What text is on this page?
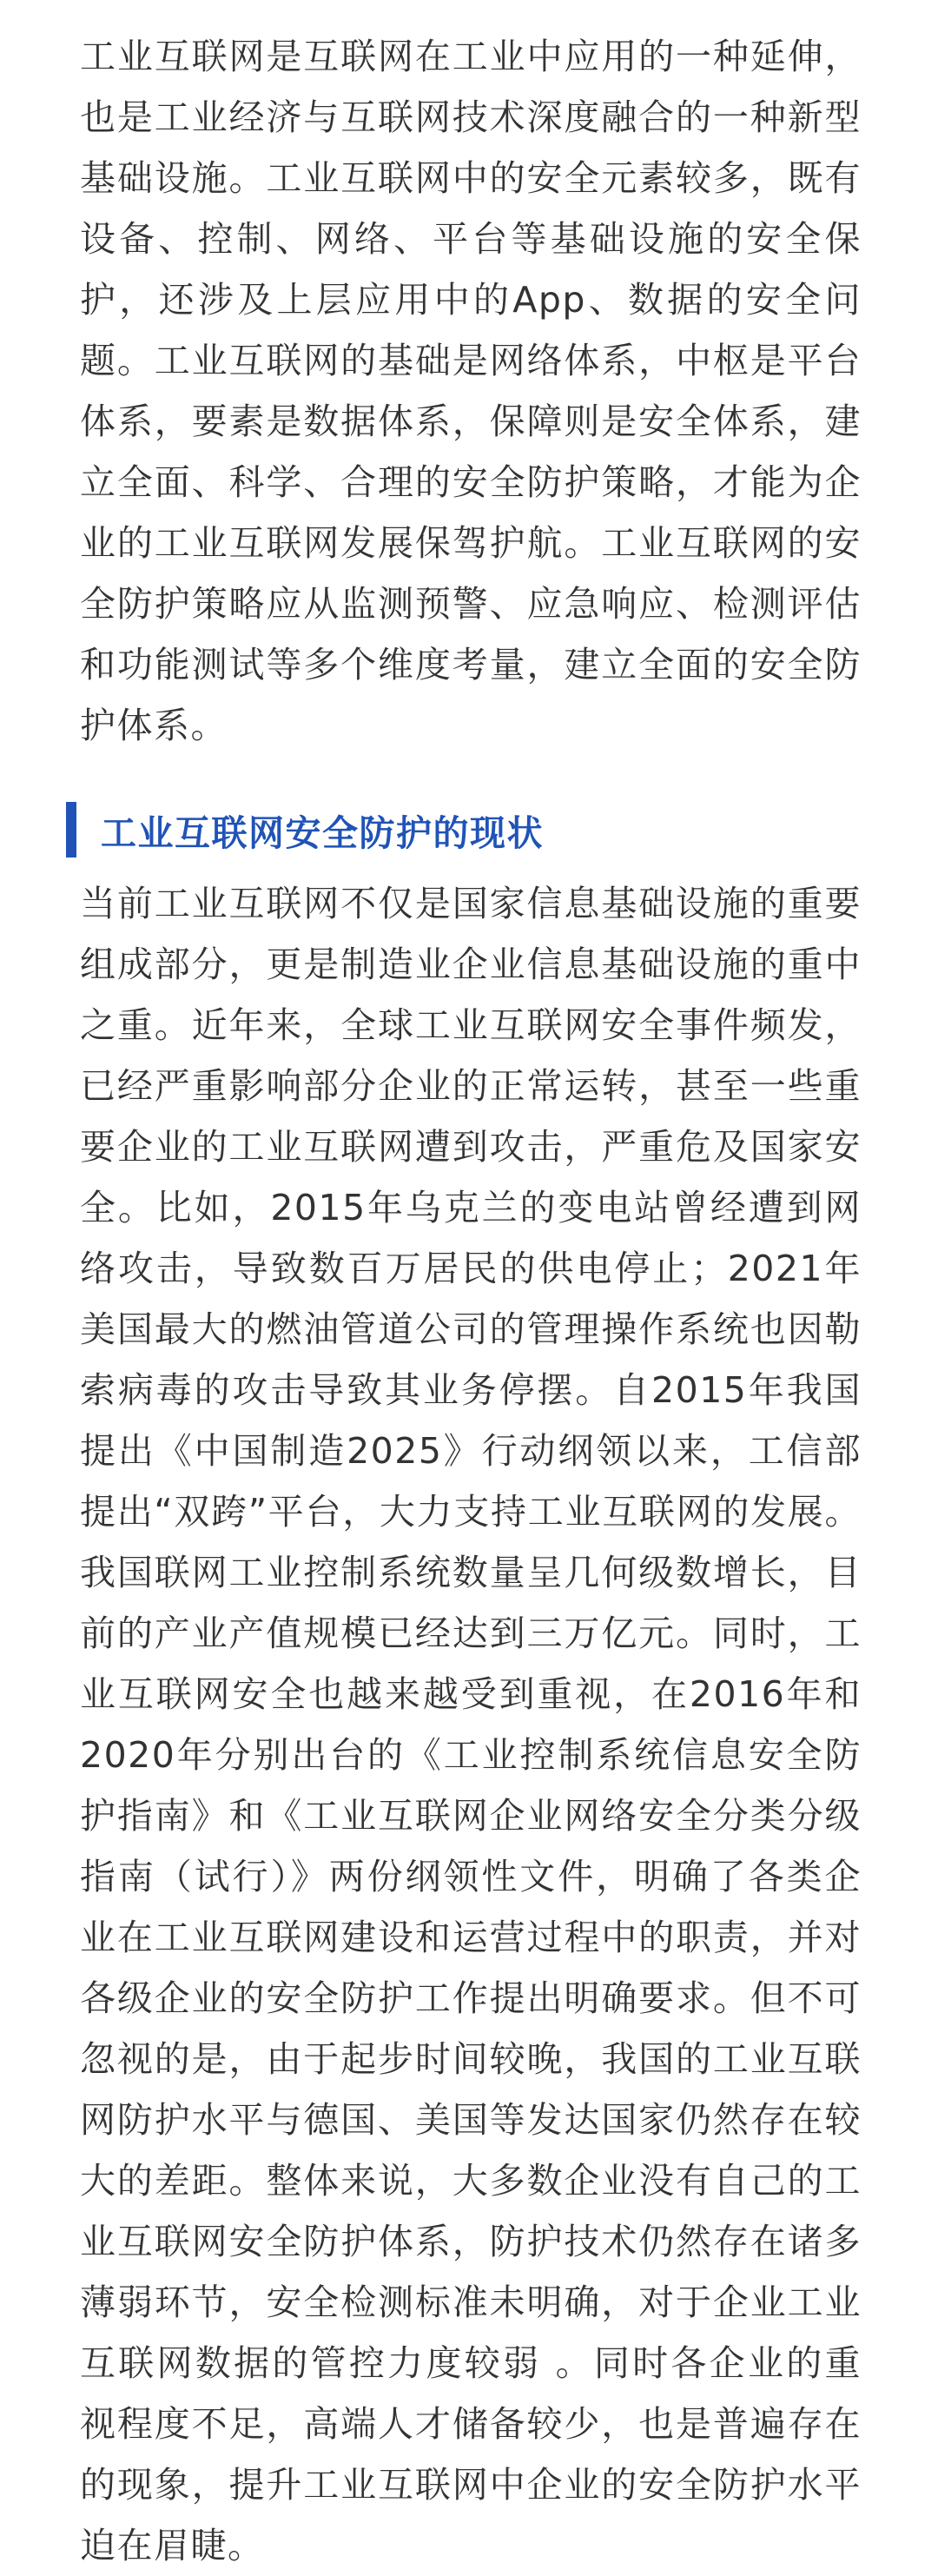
工业互联网是互联网在工业中应用的一种延伸，也是工业经济与互联网技术深度融合的一种新型基础设施。工业互联网中的安全元素较多，既有设备、控制、网络、平台等基础设施的安全保护，还涉及上层应用中的App、数据的安全问题。工业互联网的基础是网络体系，中枢是平台体系，要素是数据体系，保障则是安全体系，建立全面、科学、合理的安全防护策略，才能为企业的工业互联网发展保驾护航。工业互联网的安全防护策略应从监测预警、应急响应、检测评估和功能测试等多个维度考量，建立全面的安全防护体系。

工业互联网安全防护的现状

当前工业互联网不仅是国家信息基础设施的重要组成部分，更是制造业企业信息基础设施的重中之重。近年来，全球工业互联网安全事件频发，已经严重影响部分企业的正常运转，甚至一些重要企业的工业互联网遭到攻击，严重危及国家安全。比如，2015年乌克兰的变电站曾经遭到网络攻击，导致数百万居民的供电停止；2021年美国最大的燃油管道公司的管理操作系统也因勒索病毒的攻击导致其业务停摆。自2015年我国提出《中国制造2025》行动纲领以来，工信部提出“双跨”平台，大力支持工业互联网的发展。我国联网工业控制系统数量呈几何级数增长，目前的产业产值规模已经达到三万亿元。同时，工业互联网安全也越来越受到重视，在2016年和2020年分别出台的《工业控制系统信息安全防护指南》和《工业互联网企业网络安全分类分级指南（试行）》两份纲领性文件，明确了各类企业在工业互联网建设和运营过程中的职责，并对各级企业的安全防护工作提出明确要求。但不可忽视的是，由于起步时间较晚，我国的工业互联网防护水平与德国、美国等发达国家仍然存在较大的差距。整体来说，大多数企业没有自己的工业互联网安全防护体系，防护技术仍然存在诸多薄弱环节，安全检测标准未明确，对于企业工业互联网数据的管控力度较弱 。同时各企业的重视程度不足，高端人才储备较少，也是普遍存在的现象，提升工业互联网中企业的安全防护水平迫在眉睫。
